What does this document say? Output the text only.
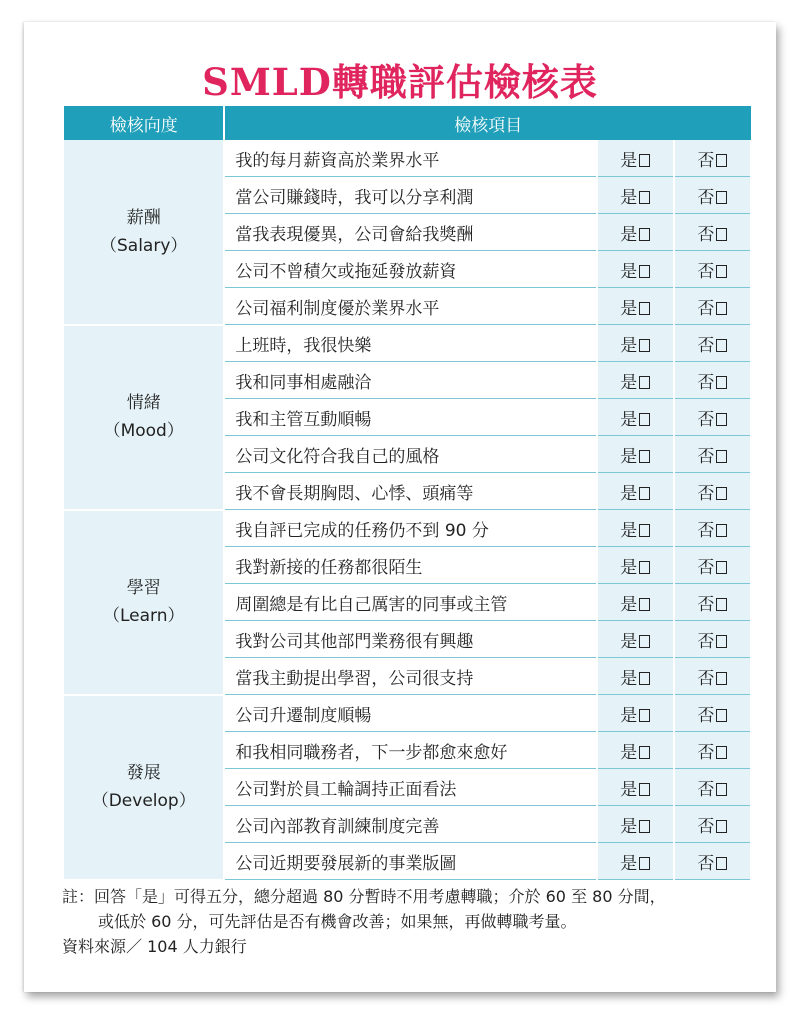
SMLD轉職評估檢核表
檢核向度	檢核項目		

薪酬
（Salary）	我的每月薪資高於業界水平	是	否
	當公司賺錢時，我可以分享利潤	是	否
	當我表現優異，公司會給我獎酬	是	否
	公司不曾積欠或拖延發放薪資	是	否
	公司福利制度優於業界水平	是	否

情緒
（Mood）	上班時，我很快樂	是	否
	我和同事相處融洽	是	否
	我和主管互動順暢	是	否
	公司文化符合我自己的風格	是	否
	我不會長期胸悶、心悸、頭痛等	是	否

學習
（Learn）	我自評已完成的任務仍不到 90 分	是	否
	我對新接的任務都很陌生	是	否
	周圍總是有比自己厲害的同事或主管	是	否
	我對公司其他部門業務很有興趣	是	否
	當我主動提出學習，公司很支持	是	否

發展
（Develop）	公司升遷制度順暢	是	否
	和我相同職務者，下一步都愈來愈好	是	否
	公司對於員工輪調持正面看法	是	否
	公司內部教育訓練制度完善	是	否
	公司近期要發展新的事業版圖	是	否
註：回答「是」可得五分，總分超過 80 分暫時不用考慮轉職；介於 60 至 80 分間，
或低於 60 分，可先評估是否有機會改善；如果無，再做轉職考量。
資料來源／ 104 人力銀行
